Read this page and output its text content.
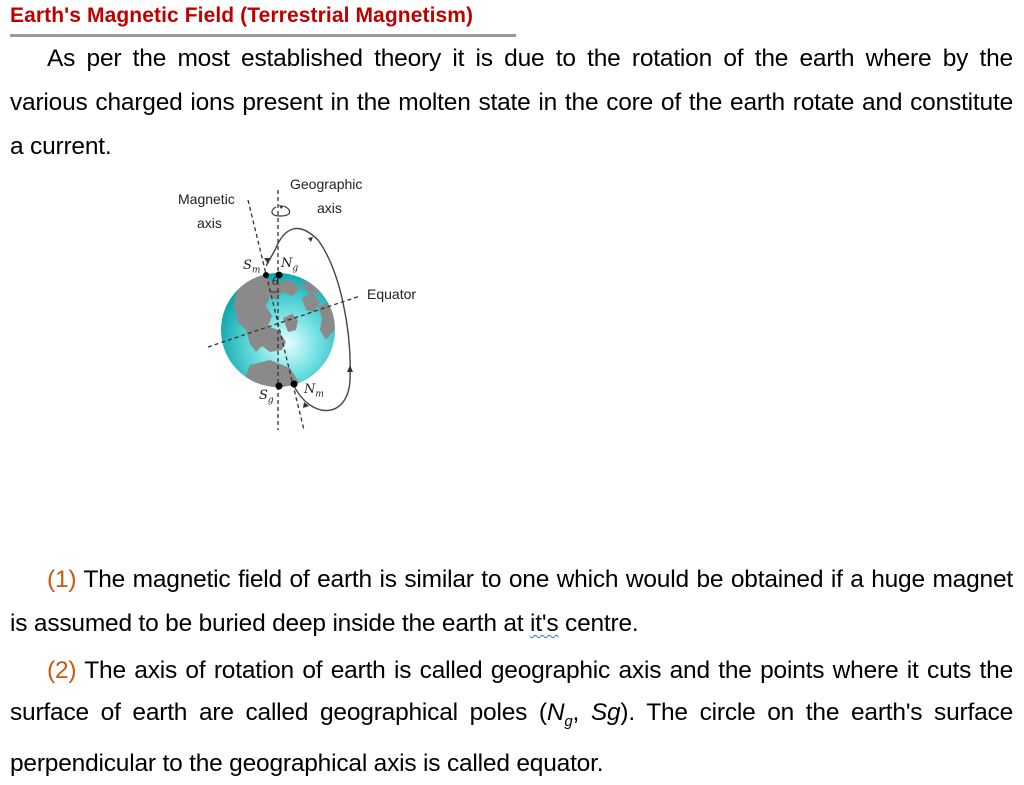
Earth's Magnetic Field (Terrestrial Magnetism)
As per the most established theory it is due to the rotation of the earth where by the various charged ions present in the molten state in the core of the earth rotate and constitute a current.
Magnetic
axis
Geographic
axis
Equator
$S_m$ $N_g$
$S_g$
$N_m$
θ
(1) The magnetic field of earth is similar to one which would be obtained if a huge magnet is assumed to be buried deep inside the earth at it's centre.
(2) The axis of rotation of earth is called geographic axis and the points where it cuts the surface of earth are called geographical poles ($N_g$, Sg). The circle on the earth's surface perpendicular to the geographical axis is called equator.
